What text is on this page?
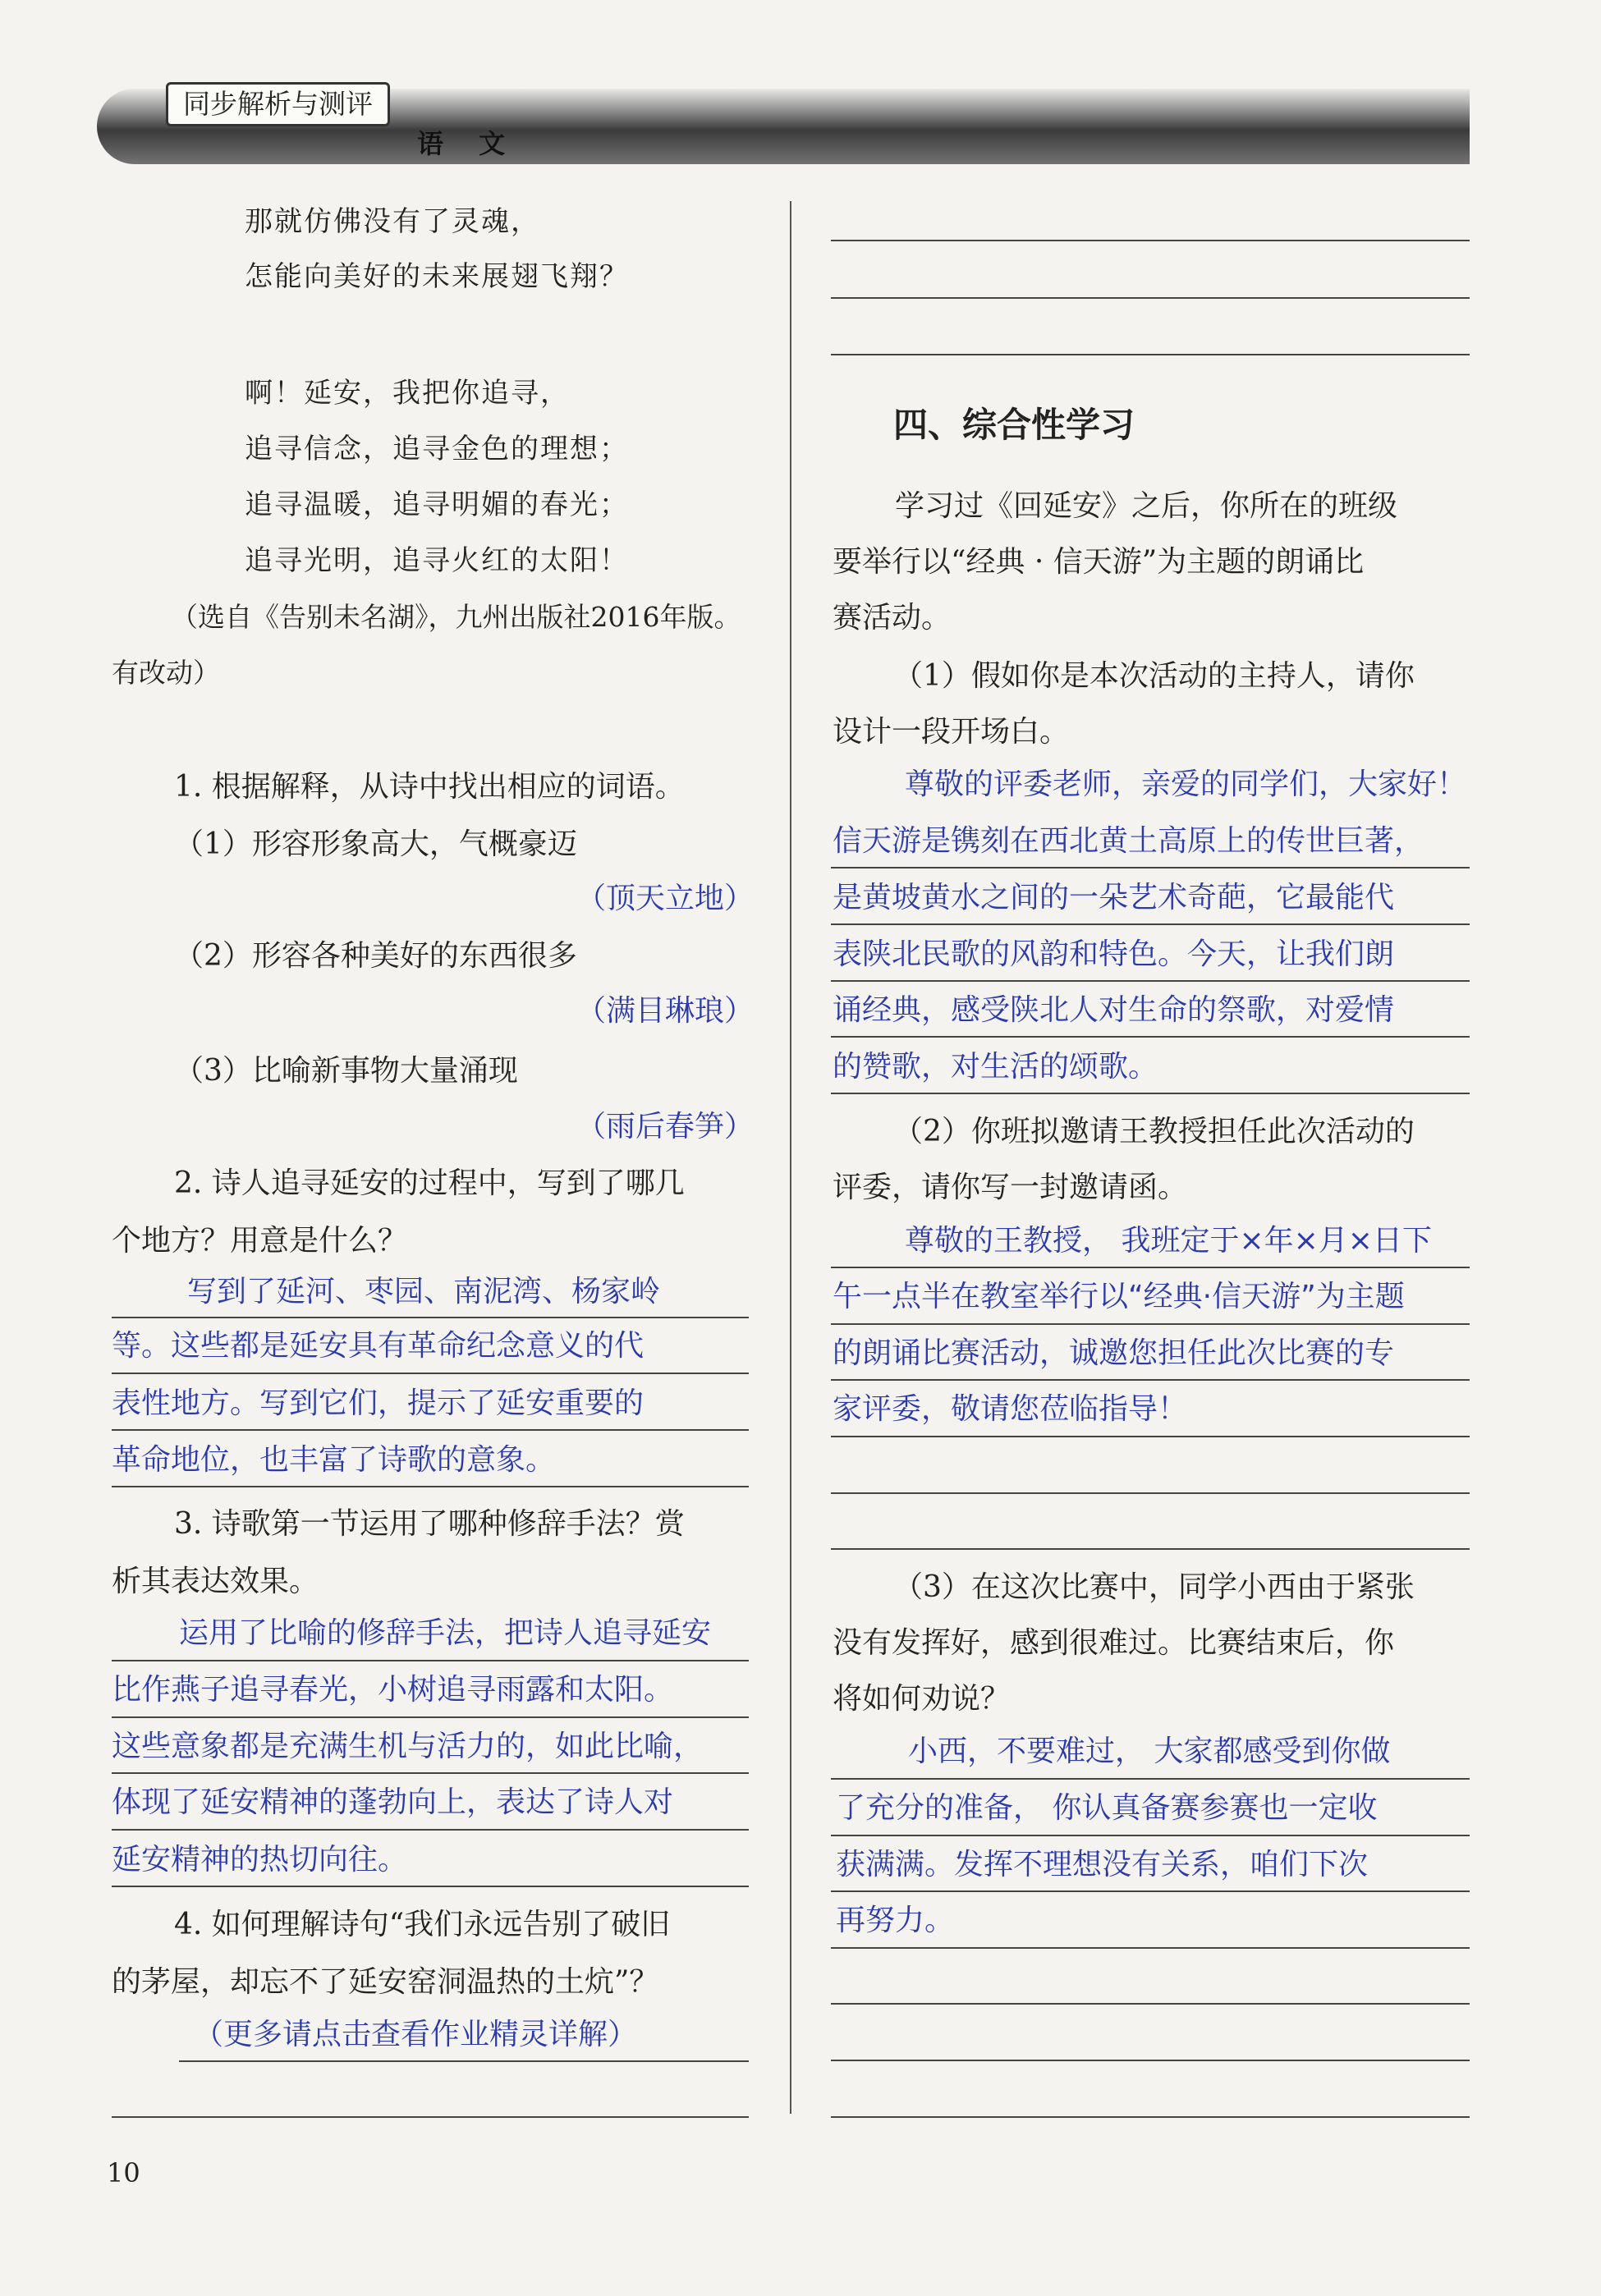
同步解析与测评
语 文
那就仿佛没有了灵魂，
怎能向美好的未来展翅飞翔？
啊！延安，我把你追寻，
追寻信念，追寻金色的理想；
追寻温暖，追寻明媚的春光；
追寻光明，追寻火红的太阳！
（选自《告别未名湖》，九州出版社2016年版。
有改动）
1. 根据解释，从诗中找出相应的词语。
（1）形容形象高大，气概豪迈
（顶天立地）
（2）形容各种美好的东西很多
（满目琳琅）
（3）比喻新事物大量涌现
（雨后春笋）
2. 诗人追寻延安的过程中，写到了哪几
个地方？用意是什么？
写到了延河、枣园、南泥湾、杨家岭
等。这些都是延安具有革命纪念意义的代
表性地方。写到它们，提示了延安重要的
革命地位，也丰富了诗歌的意象。
3. 诗歌第一节运用了哪种修辞手法？赏
析其表达效果。
运用了比喻的修辞手法，把诗人追寻延安
比作燕子追寻春光，小树追寻雨露和太阳。
这些意象都是充满生机与活力的，如此比喻，
体现了延安精神的蓬勃向上，表达了诗人对
延安精神的热切向往。
4. 如何理解诗句“我们永远告别了破旧
的茅屋，却忘不了延安窑洞温热的土炕”？
（更多请点击查看作业精灵详解）
10
四、综合性学习
学习过《回延安》之后，你所在的班级
要举行以“经典 · 信天游”为主题的朗诵比
赛活动。
（1）假如你是本次活动的主持人，请你
设计一段开场白。
尊敬的评委老师，亲爱的同学们，大家好！
信天游是镌刻在西北黄土高原上的传世巨著，
是黄坡黄水之间的一朵艺术奇葩，它最能代
表陕北民歌的风韵和特色。今天，让我们朗
诵经典，感受陕北人对生命的祭歌，对爱情
的赞歌，对生活的颂歌。
（2）你班拟邀请王教授担任此次活动的
评委，请你写一封邀请函。
尊敬的王教授， 我班定于×年×月×日下
午一点半在教室举行以“经典·信天游”为主题
的朗诵比赛活动，诚邀您担任此次比赛的专
家评委，敬请您莅临指导！
（3）在这次比赛中，同学小西由于紧张
没有发挥好，感到很难过。比赛结束后，你
将如何劝说？
小西，不要难过， 大家都感受到你做
了充分的准备， 你认真备赛参赛也一定收
获满满。发挥不理想没有关系，咱们下次
再努力。
